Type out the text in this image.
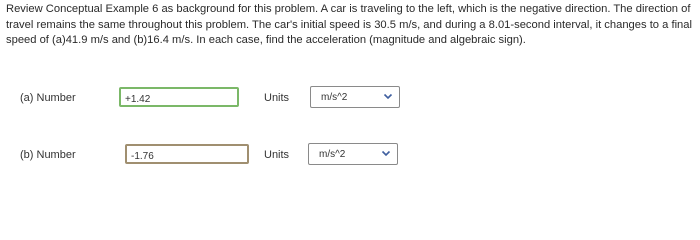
Review Conceptual Example 6 as background for this problem. A car is traveling to the left, which is the negative direction. The direction of travel remains the same throughout this problem. The car's initial speed is 30.5 m/s, and during a 8.01-second interval, it changes to a final speed of (a)41.9 m/s and (b)16.4 m/s. In each case, find the acceleration (magnitude and algebraic sign).
(a) Number
+1.42	Units	m/s^2
(b) Number
-1.76	Units	m/s^2
